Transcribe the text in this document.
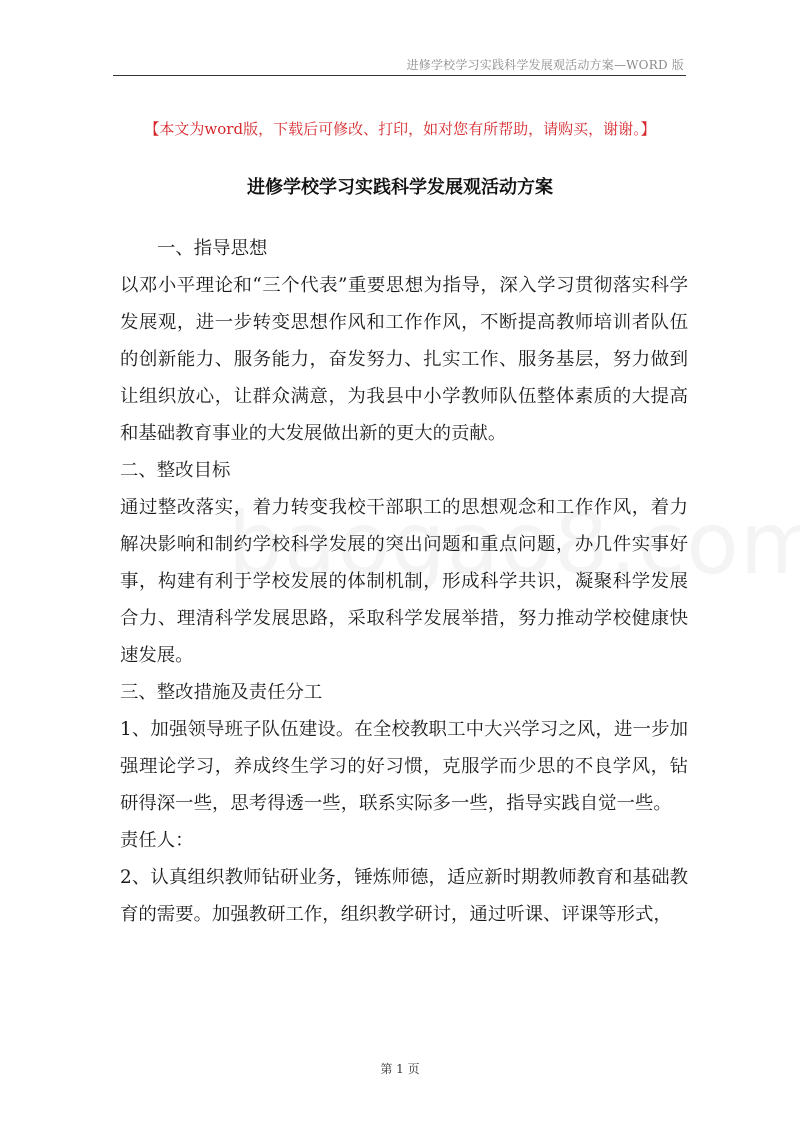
进修学校学习实践科学发展观活动方案—WORD 版
【本文为word版，下载后可修改、打印，如对您有所帮助，请购买，谢谢。】
进修学校学习实践科学发展观活动方案

一、指导思想

以邓小平理论和“三个代表”重要思想为指导，深入学习贯彻落实科学发展观，进一步转变思想作风和工作作风，不断提高教师培训者队伍的创新能力、服务能力，奋发努力、扎实工作、服务基层，努力做到让组织放心，让群众满意，为我县中小学教师队伍整体素质的大提高和基础教育事业的大发展做出新的更大的贡献。

二、整改目标

通过整改落实，着力转变我校干部职工的思想观念和工作作风，着力解决影响和制约学校科学发展的突出问题和重点问题，办几件实事好事，构建有利于学校发展的体制机制，形成科学共识，凝聚科学发展合力、理清科学发展思路，采取科学发展举措，努力推动学校健康快速发展。

三、整改措施及责任分工

1、加强领导班子队伍建设。在全校教职工中大兴学习之风，进一步加强理论学习，养成终生学习的好习惯，克服学而少思的不良学风，钻研得深一些，思考得透一些，联系实际多一些，指导实践自觉一些。

责任人：

2、认真组织教师钻研业务，锤炼师德，适应新时期教师教育和基础教育的需要。加强教研工作，组织教学研讨，通过听课、评课等形式，

第 1 页
